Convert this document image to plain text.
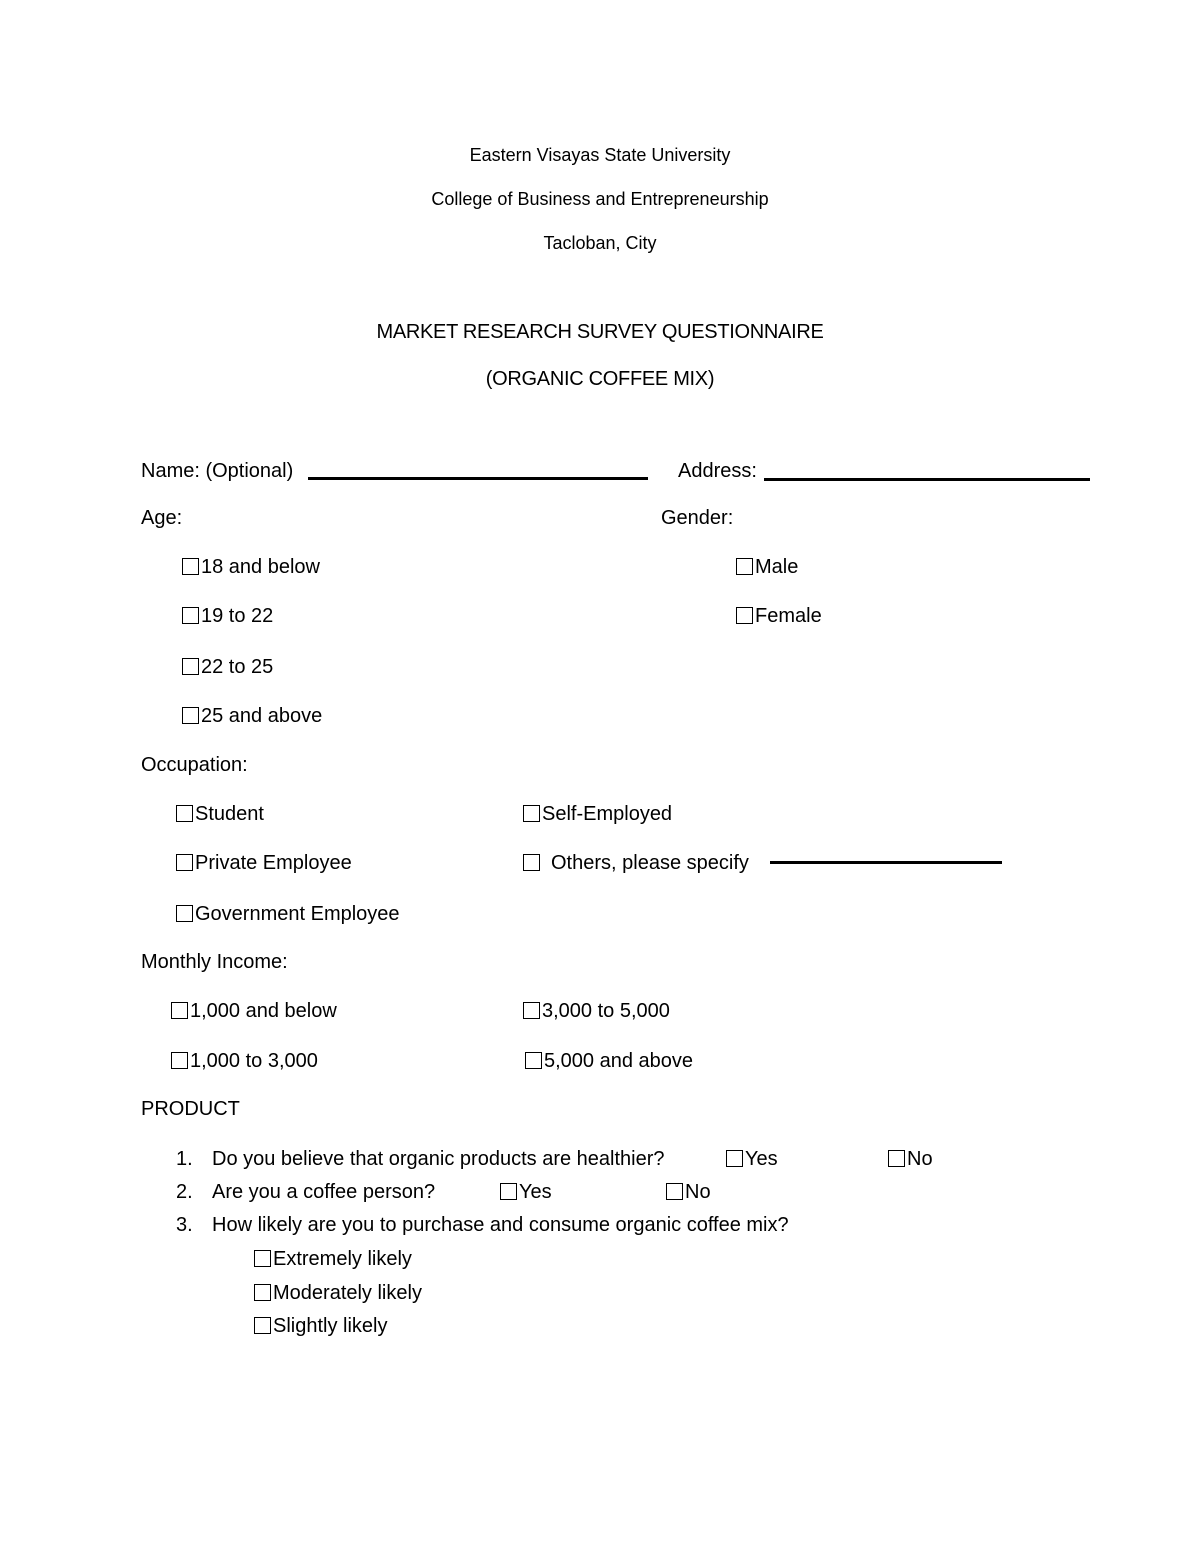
Eastern Visayas State University
College of Business and Entrepreneurship
Tacloban, City
MARKET RESEARCH SURVEY QUESTIONNAIRE
(ORGANIC COFFEE MIX)
Name: (Optional)	Address:
Age:
18 and below
19 to 22
22 to 25
25 and above
Gender:
Male
Female
Occupation:
Student
Private Employee
Government Employee
Self-Employed
Others, please specify
Monthly Income:
1,000 and below
1,000 to 3,000
3,000 to 5,000
5,000 and above
PRODUCT
1. Do you believe that organic products are healthier?	Yes	No
2. Are you a coffee person?	Yes	No
3. How likely are you to purchase and consume organic coffee mix?
Extremely likely
Moderately likely
Slightly likely
